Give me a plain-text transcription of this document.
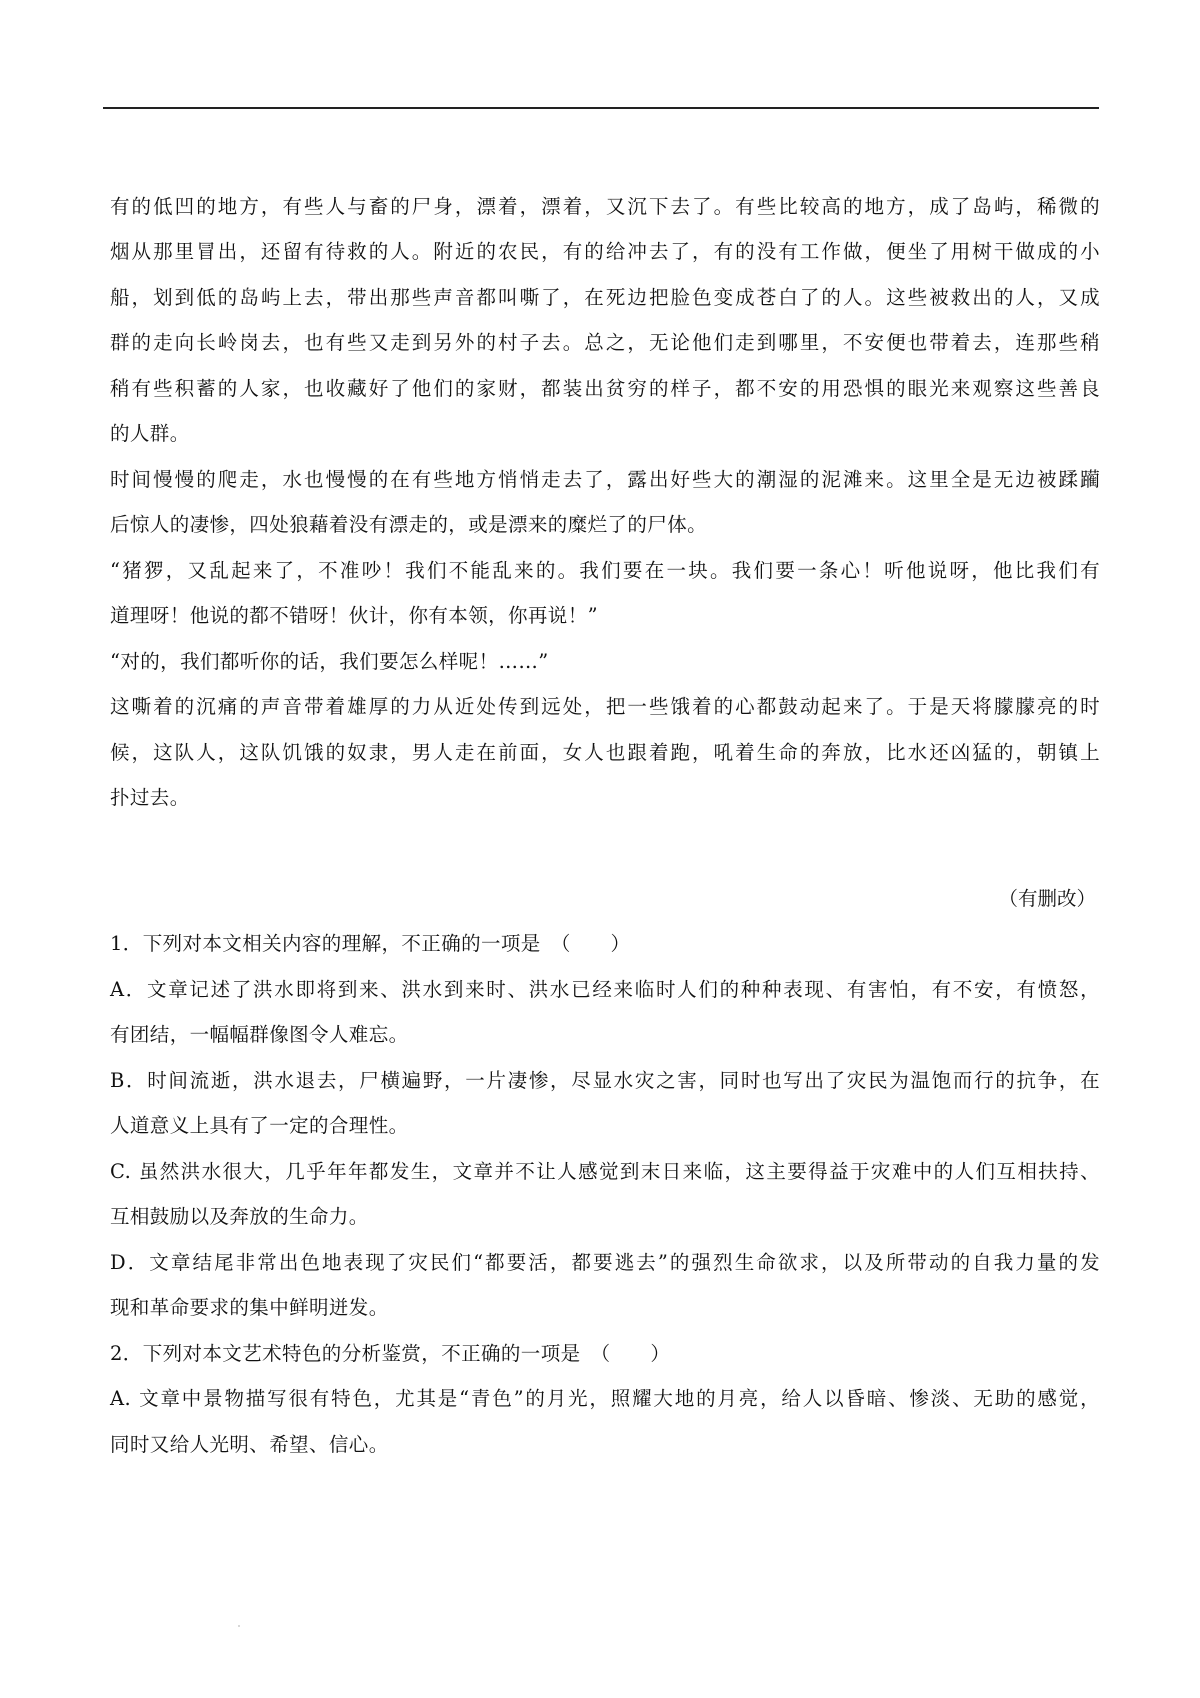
有的低凹的地方，有些人与畜的尸身，漂着，漂着，又沉下去了。有些比较高的地方，成了岛屿，稀微的

烟从那里冒出，还留有待救的人。附近的农民，有的给冲去了，有的没有工作做，便坐了用树干做成的小

船，划到低的岛屿上去，带出那些声音都叫嘶了，在死边把脸色变成苍白了的人。这些被救出的人，又成

群的走向长岭岗去，也有些又走到另外的村子去。总之，无论他们走到哪里，不安便也带着去，连那些稍

稍有些积蓄的人家，也收藏好了他们的家财，都装出贫穷的样子，都不安的用恐惧的眼光来观察这些善良

的人群。

时间慢慢的爬走，水也慢慢的在有些地方悄悄走去了，露出好些大的潮湿的泥滩来。这里全是无边被蹂躏

后惊人的凄惨，四处狼藉着没有漂走的，或是漂来的糜烂了的尸体。

“猪猡，又乱起来了，不准吵！我们不能乱来的。我们要在一块。我们要一条心！听他说呀，他比我们有

道理呀！他说的都不错呀！伙计，你有本领，你再说！”

“对的，我们都听你的话，我们要怎么样呢！……”

这嘶着的沉痛的声音带着雄厚的力从近处传到远处，把一些饿着的心都鼓动起来了。于是天将朦朦亮的时

候，这队人，这队饥饿的奴隶，男人走在前面，女人也跟着跑，吼着生命的奔放，比水还凶猛的，朝镇上

扑过去。

（有删改）

1．下列对本文相关内容的理解，不正确的一项是　（　　）

A．文章记述了洪水即将到来、洪水到来时、洪水已经来临时人们的种种表现、有害怕，有不安，有愤怒，

有团结，一幅幅群像图令人难忘。

B．时间流逝，洪水退去，尸横遍野，一片凄惨，尽显水灾之害，同时也写出了灾民为温饱而行的抗争，在

人道意义上具有了一定的合理性。

C. 虽然洪水很大，几乎年年都发生，文章并不让人感觉到末日来临，这主要得益于灾难中的人们互相扶持、

互相鼓励以及奔放的生命力。

D．文章结尾非常出色地表现了灾民们“都要活，都要逃去”的强烈生命欲求，以及所带动的自我力量的发

现和革命要求的集中鲜明迸发。

2．下列对本文艺术特色的分析鉴赏，不正确的一项是　（　　）

A. 文章中景物描写很有特色，尤其是“青色”的月光，照耀大地的月亮，给人以昏暗、惨淡、无助的感觉，

同时又给人光明、希望、信心。
